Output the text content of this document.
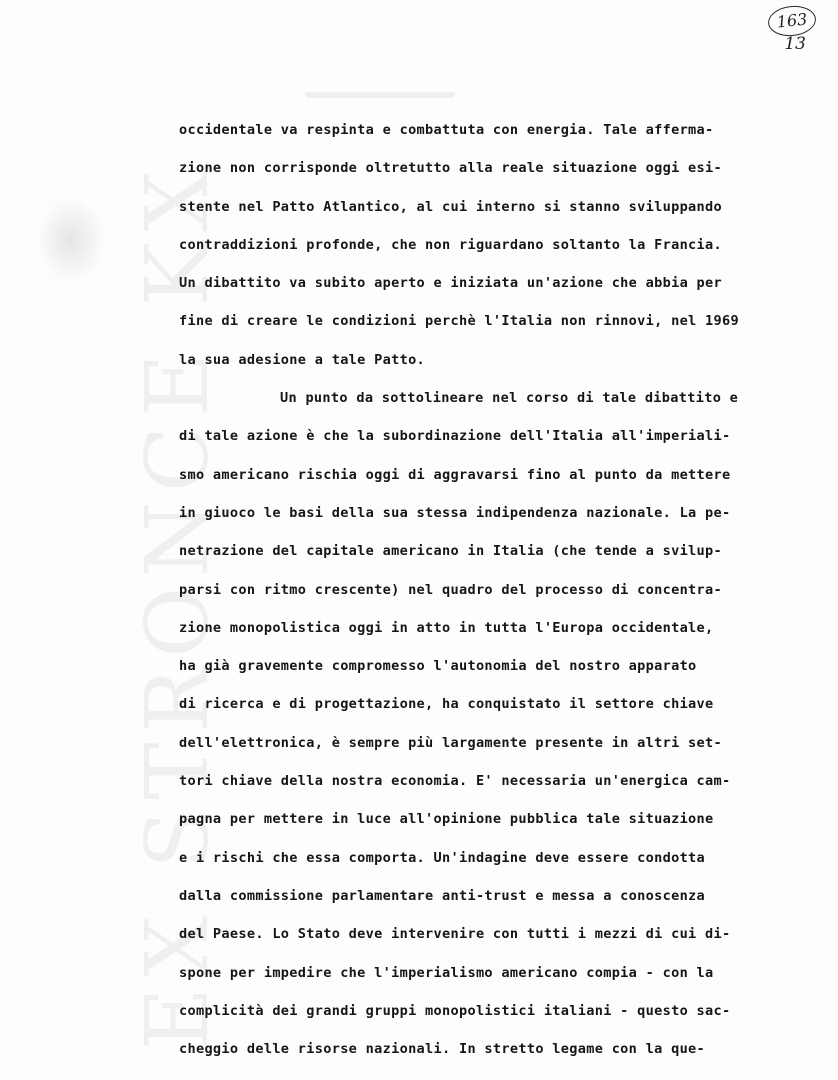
EX STRONCE KX
163
13
occidentale va respinta e combattuta con energia. Tale afferma-
zione non corrisponde oltretutto alla reale situazione oggi esi-
stente nel Patto Atlantico, al cui interno si stanno sviluppando
contraddizioni profonde, che non riguardano soltanto la Francia.
Un dibattito va subito aperto e iniziata un'azione che abbia per
fine di creare le condizioni perchè l'Italia non rinnovi, nel 1969
la sua adesione a tale Patto.
Un punto da sottolineare nel corso di tale dibattito e
di tale azione è che la subordinazione dell'Italia all'imperiali-
smo americano rischia oggi di aggravarsi fino al punto da mettere
in giuoco le basi della sua stessa indipendenza nazionale. La pe-
netrazione del capitale americano in Italia (che tende a svilup-
parsi con ritmo crescente) nel quadro del processo di concentra-
zione monopolistica oggi in atto in tutta l'Europa occidentale,
ha già gravemente compromesso l'autonomia del nostro apparato
di ricerca e di progettazione, ha conquistato il settore chiave
dell'elettronica, è sempre più largamente presente in altri set-
tori chiave della nostra economia. E' necessaria un'energica cam-
pagna per mettere in luce all'opinione pubblica tale situazione
e i rischi che essa comporta. Un'indagine deve essere condotta
dalla commissione parlamentare anti-trust e messa a conoscenza
del Paese. Lo Stato deve intervenire con tutti i mezzi di cui di-
spone per impedire che l'imperialismo americano compia - con la
complicità dei grandi gruppi monopolistici italiani - questo sac-
cheggio delle risorse nazionali. In stretto legame con la que-
